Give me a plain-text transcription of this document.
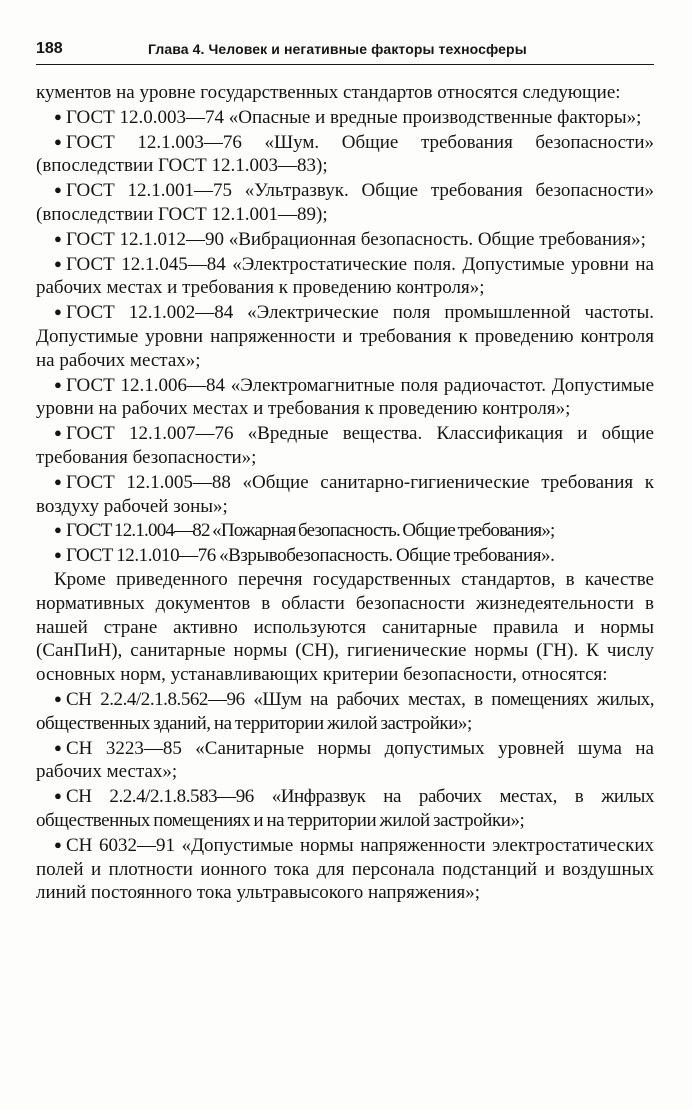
188	Глава 4. Человек и негативные факторы техносферы

кументов на уровне государственных стандартов относятся следующие:

● ГОСТ 12.0.003—74 «Опасные и вредные производственные факторы»;

● ГОСТ 12.1.003—76 «Шум. Общие требования безопасности» (впоследствии ГОСТ 12.1.003—83);

● ГОСТ 12.1.001—75 «Ультразвук. Общие требования безопасности» (впоследствии ГОСТ 12.1.001—89);

● ГОСТ 12.1.012—90 «Вибрационная безопасность. Общие требования»;

● ГОСТ 12.1.045—84 «Электростатические поля. Допустимые уровни на рабочих местах и требования к проведению контроля»;

● ГОСТ 12.1.002—84 «Электрические поля промышленной частоты. Допустимые уровни напряженности и требования к проведению контроля на рабочих местах»;

● ГОСТ 12.1.006—84 «Электромагнитные поля радиочастот. Допустимые уровни на рабочих местах и требования к проведению контроля»;

● ГОСТ 12.1.007—76 «Вредные вещества. Классификация и общие требования безопасности»;

● ГОСТ 12.1.005—88 «Общие санитарно-гигиенические требования к воздуху рабочей зоны»;

● ГОСТ 12.1.004—82 «Пожарная безопасность. Общие требования»;

● ГОСТ 12.1.010—76 «Взрывобезопасность. Общие требования».

Кроме приведенного перечня государственных стандартов, в качестве нормативных документов в области безопасности жизнедеятельности в нашей стране активно используются санитарные правила и нормы (СанПиН), санитарные нормы (СН), гигиенические нормы (ГН). К числу основных норм, устанавливающих критерии безопасности, относятся:

● СН 2.2.4/2.1.8.562—96 «Шум на рабочих местах, в помещениях жилых, общественных зданий, на территории жилой застройки»;

● СН 3223—85 «Санитарные нормы допустимых уровней шума на рабочих местах»;

● СН 2.2.4/2.1.8.583—96 «Инфразвук на рабочих местах, в жилых общественных помещениях и на территории жилой застройки»;

● СН 6032—91 «Допустимые нормы напряженности электростатических полей и плотности ионного тока для персонала подстанций и воздушных линий постоянного тока ультравысокого напряжения»;
